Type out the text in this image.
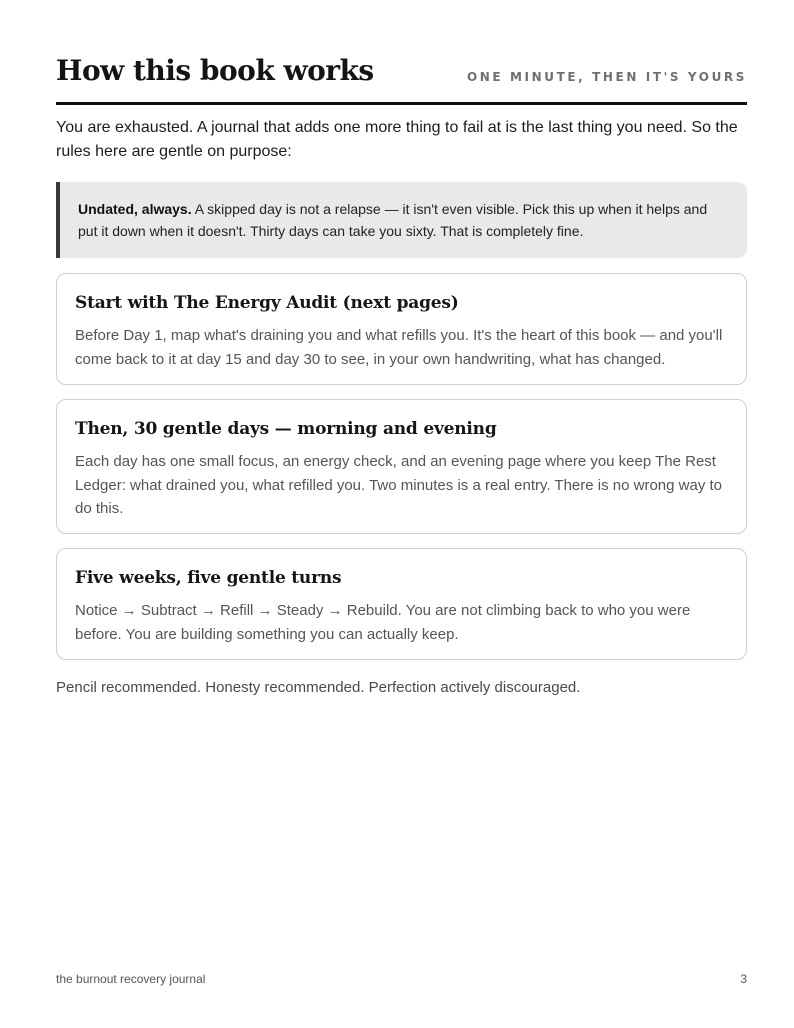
How this book works	ONE MINUTE, THEN IT'S YOURS

You are exhausted. A journal that adds one more thing to fail at is the last thing you need. So the rules here are gentle on purpose:

Undated, always. A skipped day is not a relapse — it isn't even visible. Pick this up when it helps and put it down when it doesn't. Thirty days can take you sixty. That is completely fine.
Start with The Energy Audit (next pages)

Before Day 1, map what's draining you and what refills you. It's the heart of this book — and you'll come back to it at day 15 and day 30 to see, in your own handwriting, what has changed.

Then, 30 gentle days — morning and evening

Each day has one small focus, an energy check, and an evening page where you keep The Rest Ledger: what drained you, what refilled you. Two minutes is a real entry. There is no wrong way to do this.

Five weeks, five gentle turns

Notice → Subtract → Refill → Steady → Rebuild. You are not climbing back to who you were before. You are building something you can actually keep.

Pencil recommended. Honesty recommended. Perfection actively discouraged.

the burnout recovery journal	3
